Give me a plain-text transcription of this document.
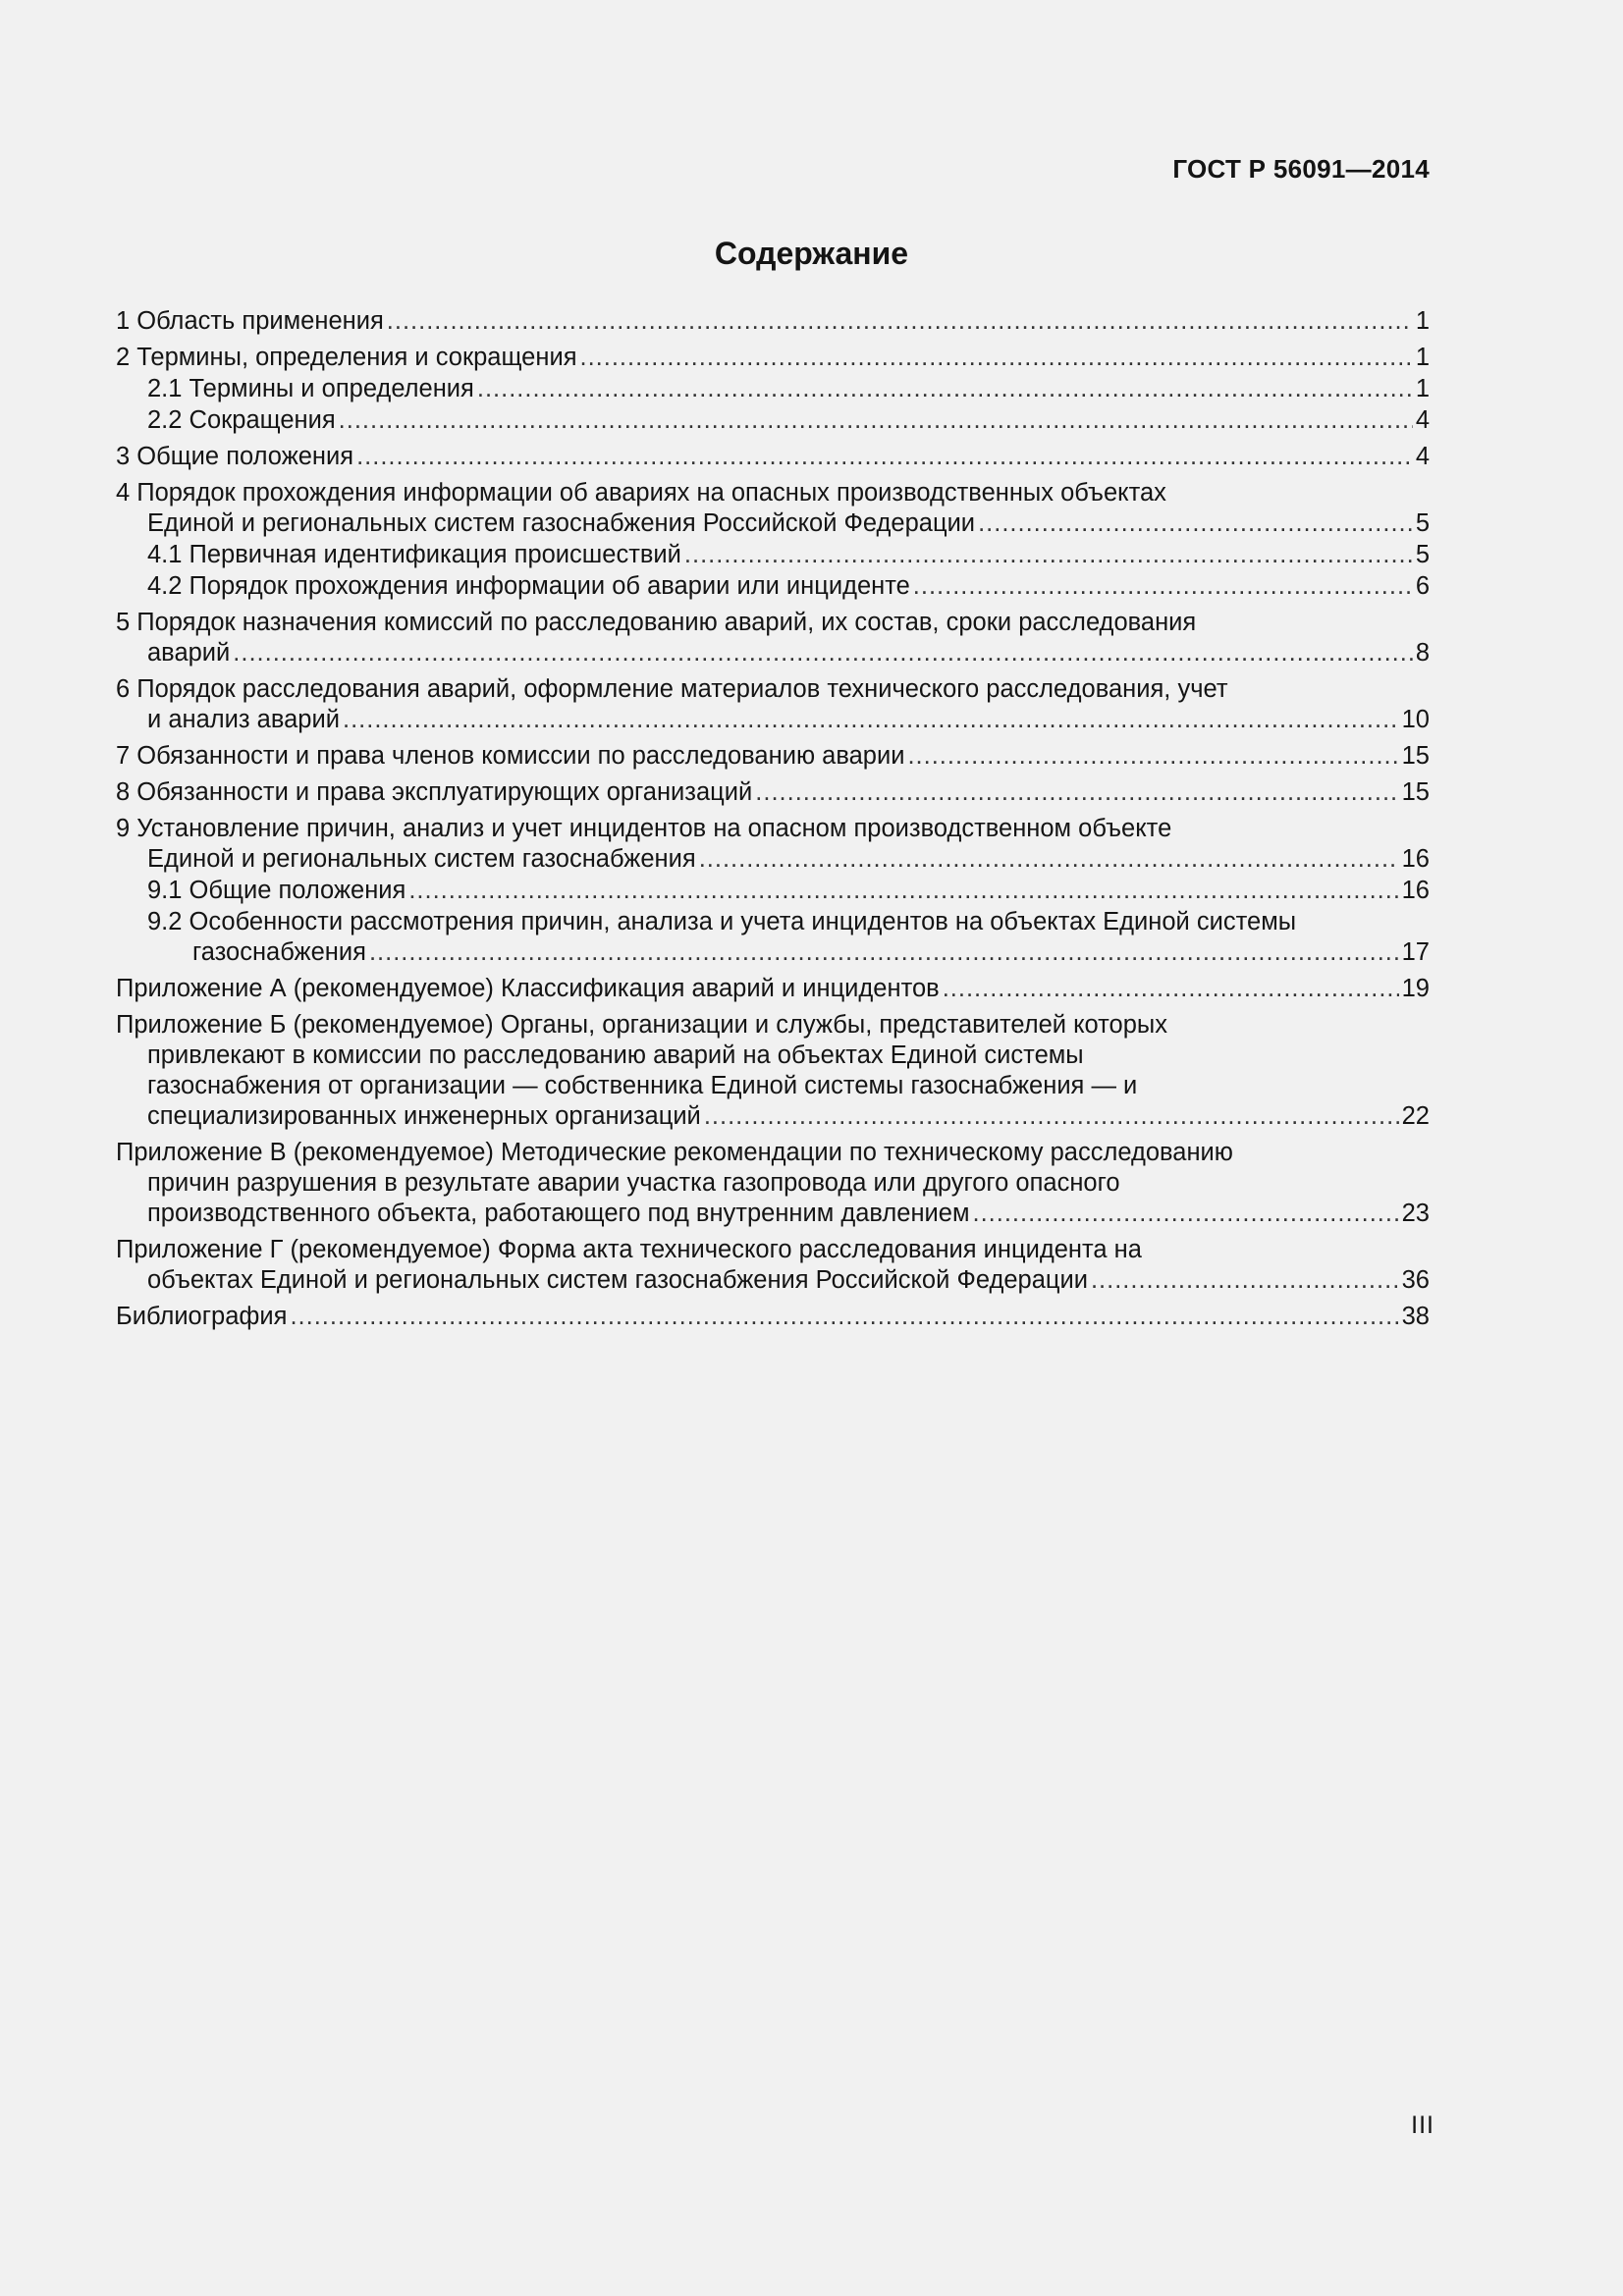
ГОСТ Р 56091—2014
Содержание
1 Область применения .....	1
2 Термины, определения и сокращения .....	1
2.1 Термины и определения .....	1
2.2 Сокращения .....	4
3 Общие положения .....	4
4 Порядок прохождения информации об авариях на опасных производственных объектах
Единой и региональных систем газоснабжения Российской Федерации .....	5
4.1 Первичная идентификация происшествий .....	5
4.2 Порядок прохождения информации об аварии или инциденте .....	6
5 Порядок назначения комиссий по расследованию аварий, их состав, сроки расследования
аварий .....	8
6 Порядок расследования аварий, оформление материалов технического расследования, учет
и анализ аварий .....	10
7 Обязанности и права членов комиссии по расследованию аварии .....	15
8 Обязанности и права эксплуатирующих организаций .....	15
9 Установление причин, анализ и учет инцидентов на опасном производственном объекте
Единой и региональных систем газоснабжения .....	16
9.1 Общие положения .....	16
9.2 Особенности рассмотрения причин, анализа и учета инцидентов на объектах Единой системы
газоснабжения .....	17
Приложение А (рекомендуемое) Классификация аварий и инцидентов .....	19
Приложение Б (рекомендуемое) Органы, организации и службы, представителей которых
привлекают в комиссии по расследованию аварий на объектах Единой системы
газоснабжения от организации — собственника Единой системы газоснабжения — и
специализированных инженерных организаций .....	22
Приложение В (рекомендуемое) Методические рекомендации по техническому расследованию
причин разрушения в результате аварии участка газопровода или другого опасного
производственного объекта, работающего под внутренним давлением .....	23
Приложение Г (рекомендуемое) Форма акта технического расследования инцидента на
объектах Единой и региональных систем газоснабжения Российской Федерации .....	36
Библиография .....	38
III
